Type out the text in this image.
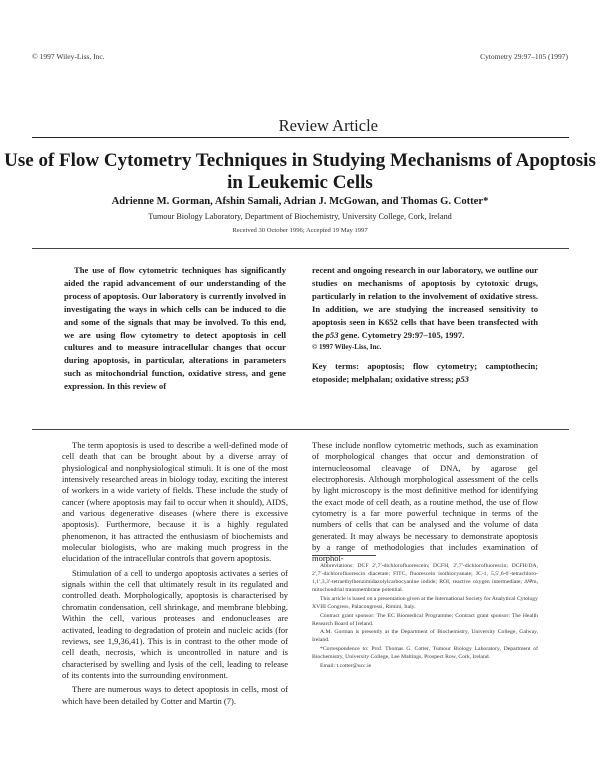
© 1997 Wiley-Liss, Inc.	Cytometry 29:97–105 (1997)
Review Article
Use of Flow Cytometry Techniques in Studying Mechanisms of Apoptosis in Leukemic Cells
Adrienne M. Gorman, Afshin Samali, Adrian J. McGowan, and Thomas G. Cotter*
Tumour Biology Laboratory, Department of Biochemistry, University College, Cork, Ireland
Received 30 October 1996; Accepted 19 May 1997
The use of flow cytometric techniques has significantly aided the rapid advancement of our understanding of the process of apoptosis. Our laboratory is currently involved in investigating the ways in which cells can be induced to die and some of the signals that may be involved. To this end, we are using flow cytometry to detect apoptosis in cell cultures and to measure intracellular changes that occur during apoptosis, in particular, alterations in parameters such as mitochondrial function, oxidative stress, and gene expression. In this review of
recent and ongoing research in our laboratory, we outline our studies on mechanisms of apoptosis by cytotoxic drugs, particularly in relation to the involvement of oxidative stress. In addition, we are studying the increased sensitivity to apoptosis seen in K652 cells that have been transfected with the p53 gene. Cytometry 29:97–105, 1997.
© 1997 Wiley-Liss, Inc.
Key terms: apoptosis; flow cytometry; camptothecin; etoposide; melphalan; oxidative stress; p53

The term apoptosis is used to describe a well-defined mode of cell death that can be brought about by a diverse array of physiological and nonphysiological stimuli. It is one of the most intensively researched areas in biology today, exciting the interest of workers in a wide variety of fields. These include the study of cancer (where apoptosis may fail to occur when it should), AIDS, and various degenerative diseases (where there is excessive apoptosis). Furthermore, because it is a highly regulated phenomenon, it has attracted the enthusiasm of biochemists and molecular biologists, who are making much progress in the elucidation of the intracellular controls that govern apoptosis.

Stimulation of a cell to undergo apoptosis activates a series of signals within the cell that ultimately result in its regulated and controlled death. Morphologically, apoptosis is characterised by chromatin condensation, cell shrinkage, and membrane blebbing. Within the cell, various proteases and endonucleases are activated, leading to degradation of protein and nucleic acids (for reviews, see 1,9,36,41). This is in contrast to the other mode of cell death, necrosis, which is uncontrolled in nature and is characterised by swelling and lysis of the cell, leading to release of its contents into the surrounding environment.

There are numerous ways to detect apoptosis in cells, most of which have been detailed by Cotter and Martin (7).

These include nonflow cytometric methods, such as examination of morphological changes that occur and demonstration of internucleosomal cleavage of DNA, by agarose gel electrophoresis. Although morphological assessment of the cells by light microscopy is the most definitive method for identifying the exact mode of cell death, as a routine method, the use of flow cytometry is a far more powerful technique in terms of the numbers of cells that can be analysed and the volume of data generated. It may always be necessary to demonstrate apoptosis by a range of methodologies that includes examination of morphol-

Abbreviations: DCF 2′,7′-dichlorofluorescein; DCFH, 2′,7′-dichlorofluorescin; DCFH/DA, 2′,7′-dichlorofluorescin diacetate; FITC, fluorescein isothiocyanate; JC-1, 5,5′,6-6′-tetrachloro-1,1′,3,3′-tetraethylbenzimidazolylcarbocyanine iodide; ROI, reactive oxygen intermediate; ΔΨm, mitochondrial transmembrane potential.

This article is based on a presentation given at the International Society for Analytical Cytology XVIII Congress, Palacongressi, Rimini, Italy.

Contract grant sponsor: The EC Biomedical Programme; Contract grant sponsor: The Health Research Board of Ireland.

A.M. Gorman is presently at the Department of Biochemistry, University College, Galway, Ireland.

*Correspondence to: Prof. Thomas G. Cotter, Tumour Biology Laboratory, Department of Biochemistry, University College, Lee Maltings, Prospect Row, Cork, Ireland.

Email: t.cotter@ucc.ie
